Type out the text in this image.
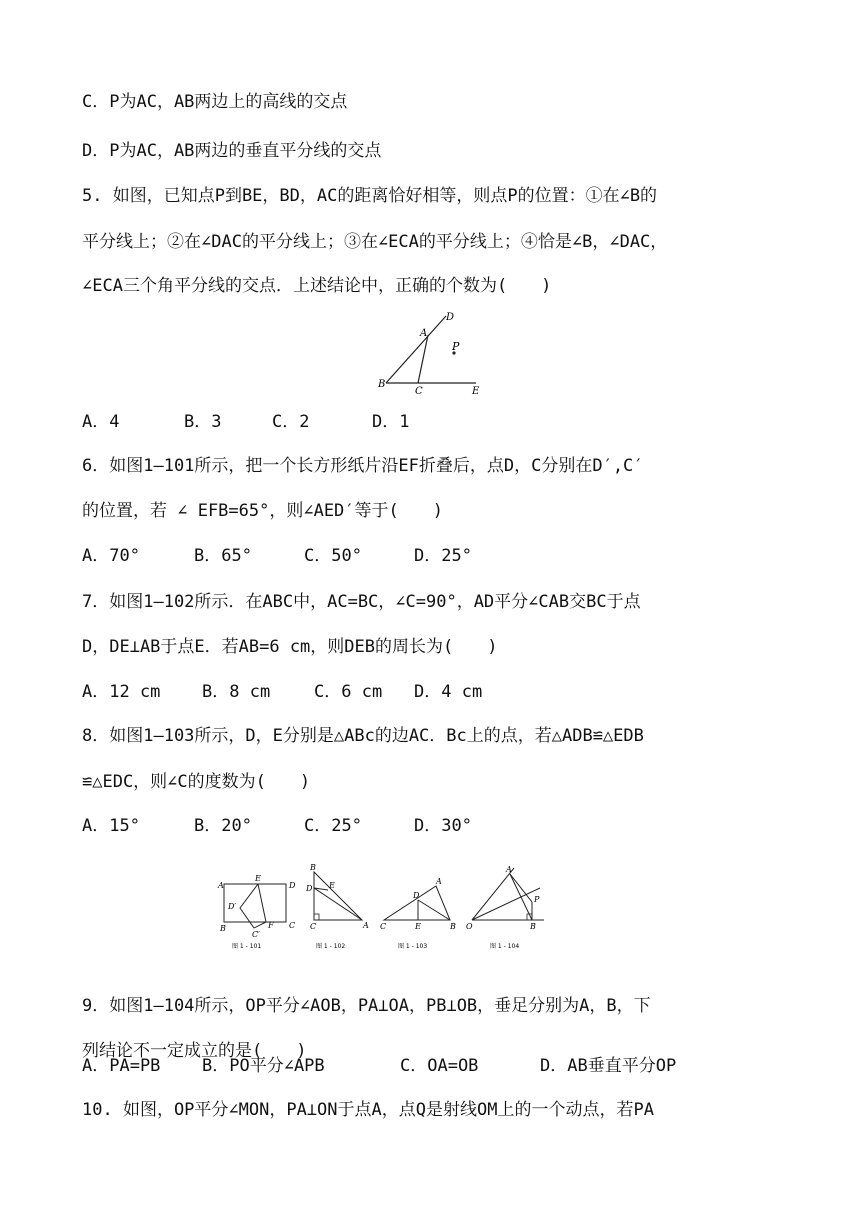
C．P为AC，AB两边上的高线的交点
D．P为AC，AB两边的垂直平分线的交点
5. 如图，已知点P到BE，BD，AC的距离恰好相等，则点P的位置：①在∠B的
平分线上；②在∠DAC的平分线上；③在∠ECA的平分线上；④恰是∠B，∠DAC，
∠ECA三个角平分线的交点．上述结论中，正确的个数为(　　)
A
D
P
B
C	E
A．4	B．3	C．2	D．1
6．如图1—101所示，把一个长方形纸片沿EF折叠后，点D，C分别在D′,C′
的位置，若 ∠ EFB=65°，则∠AED′等于(　　)
A．70°	B．65°	C．50°	D．25°
7．如图1—102所示．在ABC中，AC=BC，∠C=90°，AD平分∠CAB交BC于点
D，DE⊥AB于点E．若AB=6 cm，则DEB的周长为(　　)
A．12 cm B．8 cm	C．6 cm D．4 cm
8．如图1—103所示，D，E分别是△ABc的边AC．Bc上的点，若△ADB≌△EDB
≌△EDC，则∠C的度数为(　　)
A．15°	B．20°	C．25°	D．30°
A
E
D
D′
B	F C
C′
图 1 - 101
B
E
D
C	A
图 1 - 102
D
A
C	E	B
图 1 - 103
A
P
O	B
图 1 - 104
9．如图1—104所示，OP平分∠AOB，PA⊥OA，PB⊥OB，垂足分别为A，B，下
列结论不一定成立的是(　　)
A．PA=PB B．PO平分∠APB	C．OA=OB	D．AB垂直平分OP
10. 如图，OP平分∠MON，PA⊥ON于点A，点Q是射线OM上的一个动点，若PA
